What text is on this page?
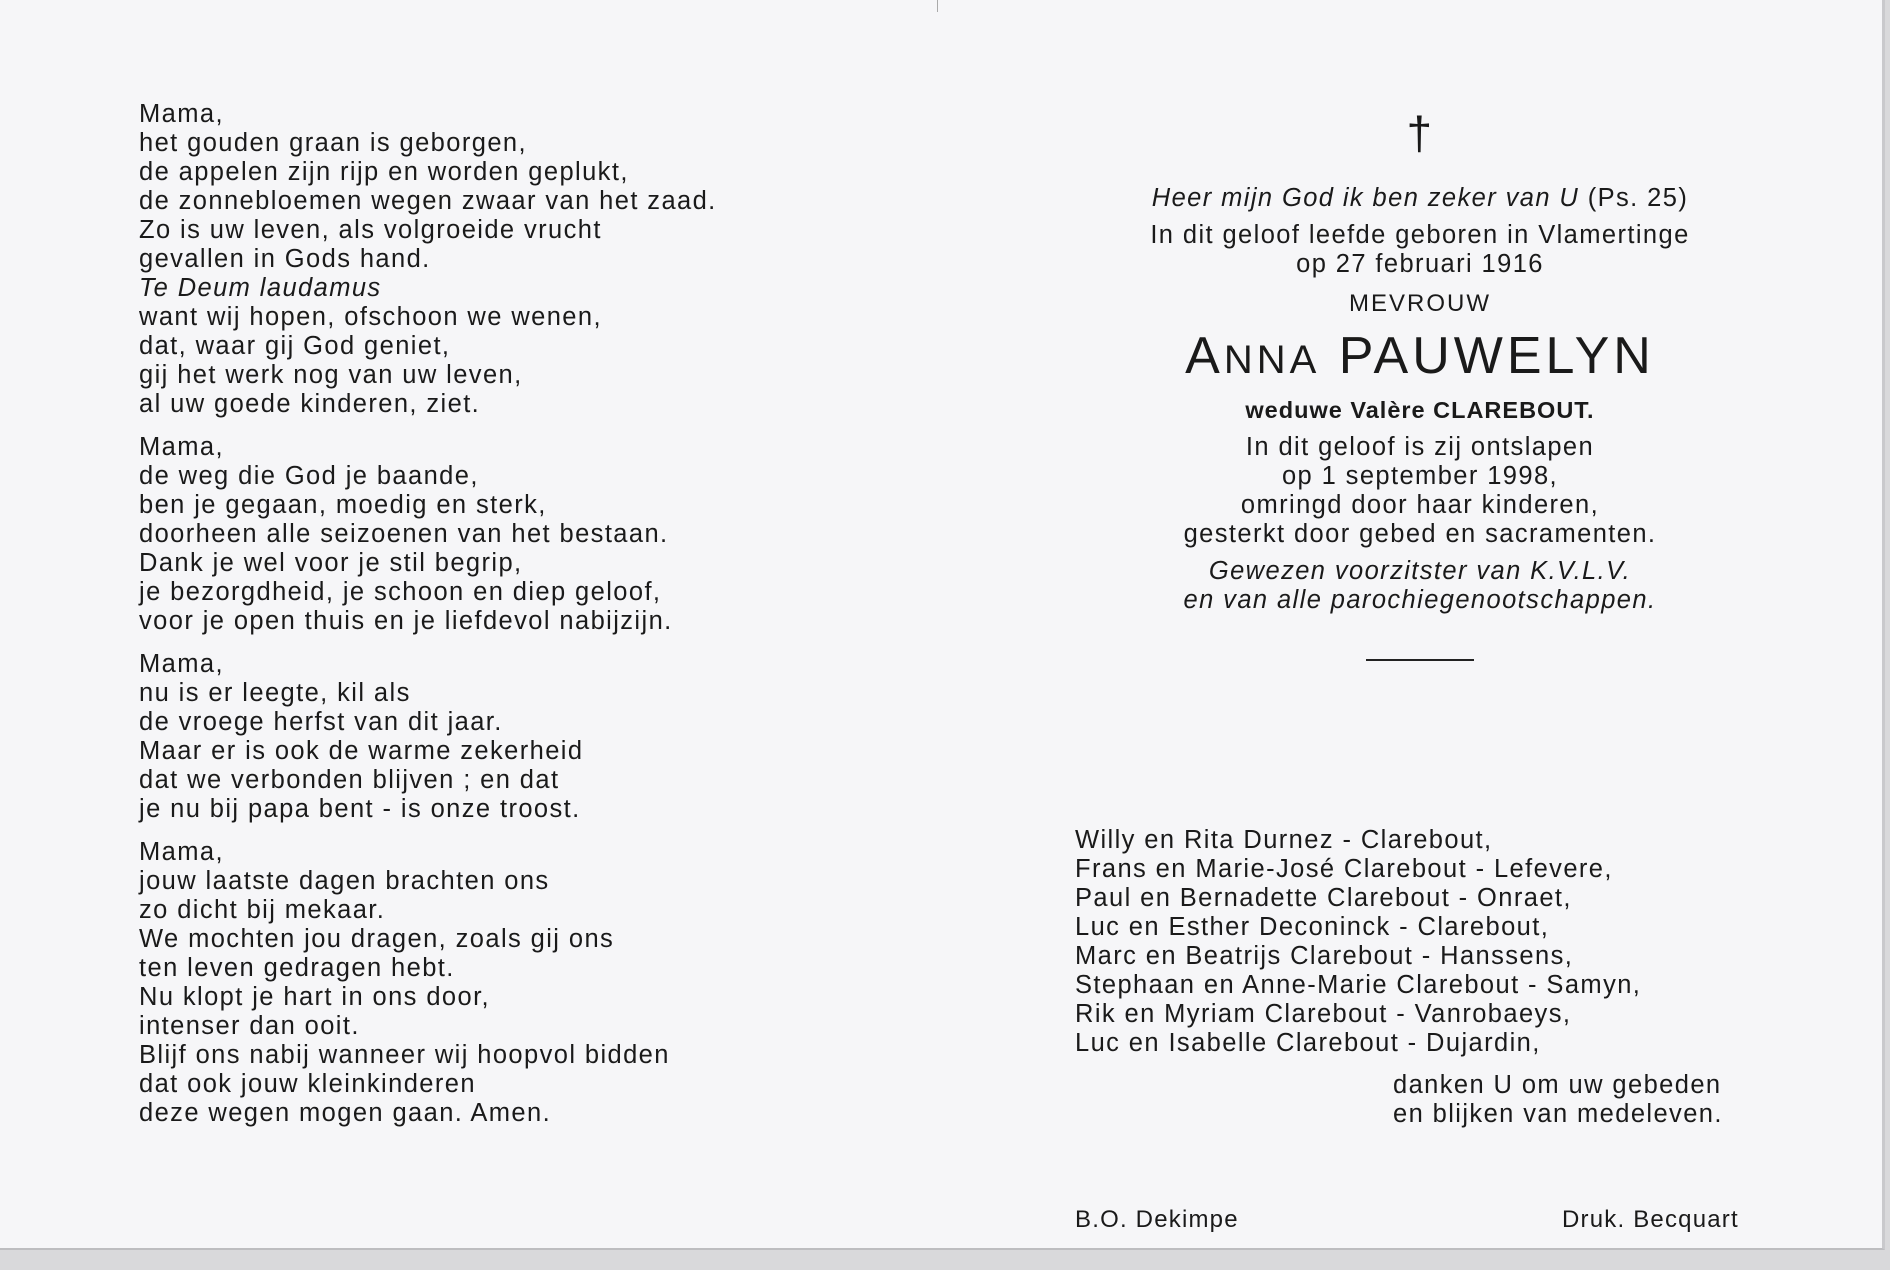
Mama,
het gouden graan is geborgen,
de appelen zijn rijp en worden geplukt,
de zonnebloemen wegen zwaar van het zaad.
Zo is uw leven, als volgroeide vrucht
gevallen in Gods hand.
Te Deum laudamus
want wij hopen, ofschoon we wenen,
dat, waar gij God geniet,
gij het werk nog van uw leven,
al uw goede kinderen, ziet.
Mama,
de weg die God je baande,
ben je gegaan, moedig en sterk,
doorheen alle seizoenen van het bestaan.
Dank je wel voor je stil begrip,
je bezorgdheid, je schoon en diep geloof,
voor je open thuis en je liefdevol nabijzijn.
Mama,
nu is er leegte, kil als
de vroege herfst van dit jaar.
Maar er is ook de warme zekerheid
dat we verbonden blijven ; en dat
je nu bij papa bent - is onze troost.
Mama,
jouw laatste dagen brachten ons
zo dicht bij mekaar.
We mochten jou dragen, zoals gij ons
ten leven gedragen hebt.
Nu klopt je hart in ons door,
intenser dan ooit.
Blijf ons nabij wanneer wij hoopvol bidden
dat ook jouw kleinkinderen
deze wegen mogen gaan. Amen.
†
Heer mijn God ik ben zeker van U (Ps. 25)
In dit geloof leefde geboren in Vlamertinge
op 27 februari 1916
MEVROUW
ANNA PAUWELYN
weduwe Valère CLAREBOUT.
In dit geloof is zij ontslapen
op 1 september 1998,
omringd door haar kinderen,
gesterkt door gebed en sacramenten.
Gewezen voorzitster van K.V.L.V.
en van alle parochiegenootschappen.
Willy en Rita Durnez - Clarebout,
Frans en Marie-José Clarebout - Lefevere,
Paul en Bernadette Clarebout - Onraet,
Luc en Esther Deconinck - Clarebout,
Marc en Beatrijs Clarebout - Hanssens,
Stephaan en Anne-Marie Clarebout - Samyn,
Rik en Myriam Clarebout - Vanrobaeys,
Luc en Isabelle Clarebout - Dujardin,
danken U om uw gebeden
en blijken van medeleven.
B.O. Dekimpe	Druk. Becquart
